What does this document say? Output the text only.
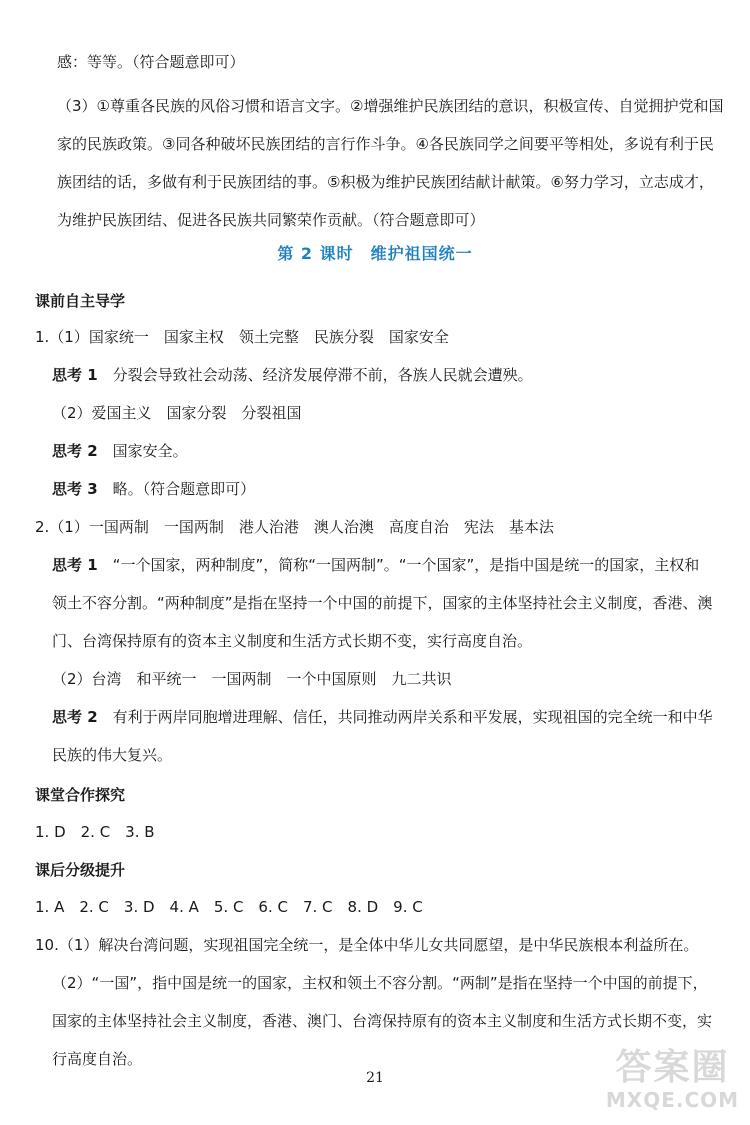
感：等等。（符合题意即可）
（3）①尊重各民族的风俗习惯和语言文字。②增强维护民族团结的意识，积极宣传、自觉拥护党和国
家的民族政策。③同各种破坏民族团结的言行作斗争。④各民族同学之间要平等相处，多说有利于民
族团结的话，多做有利于民族团结的事。⑤积极为维护民族团结献计献策。⑥努力学习，立志成才，
为维护民族团结、促进各民族共同繁荣作贡献。（符合题意即可）
第 2 课时　维护祖国统一
课前自主导学
1.（1）国家统一　国家主权　领土完整　民族分裂　国家安全
思考 1　分裂会导致社会动荡、经济发展停滞不前，各族人民就会遭殃。
（2）爱国主义　国家分裂　分裂祖国
思考 2　国家安全。
思考 3　略。（符合题意即可）
2.（1）一国两制　一国两制　港人治港　澳人治澳　高度自治　宪法　基本法
思考 1　“一个国家，两种制度”，简称“一国两制”。“一个国家”，是指中国是统一的国家，主权和
领土不容分割。“两种制度”是指在坚持一个中国的前提下，国家的主体坚持社会主义制度，香港、澳
门、台湾保持原有的资本主义制度和生活方式长期不变，实行高度自治。
（2）台湾　和平统一　一国两制　一个中国原则　九二共识
思考 2　有利于两岸同胞增进理解、信任，共同推动两岸关系和平发展，实现祖国的完全统一和中华
民族的伟大复兴。
课堂合作探究
1. D　2. C　3. B
课后分级提升
1. A　2. C　3. D　4. A　5. C　6. C　7. C　8. D　9. C
10.（1）解决台湾问题，实现祖国完全统一，是全体中华儿女共同愿望，是中华民族根本利益所在。
（2）“一国”，指中国是统一的国家，主权和领土不容分割。“两制”是指在坚持一个中国的前提下，
国家的主体坚持社会主义制度，香港、澳门、台湾保持原有的资本主义制度和生活方式长期不变，实
行高度自治。
21	答案圈
MXQE.COM
